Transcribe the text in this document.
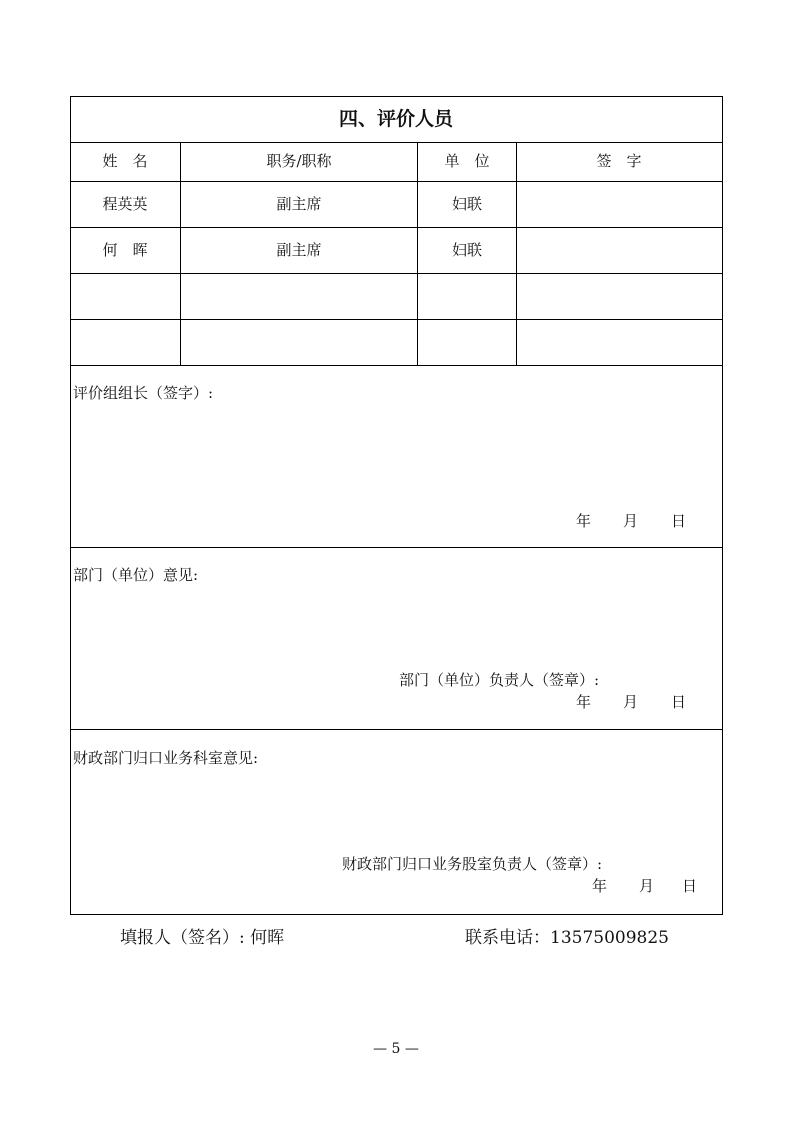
四、评价人员
姓　名	职务/职称	单　位	签　字
程英英	副主席	妇联
何　晖	副主席	妇联
评价组组长（签字）:
年 月 日
部门（单位）意见:
部门（单位）负责人（签章）:
年 月 日
财政部门归口业务科室意见:
财政部门归口业务股室负责人（签章）:
年 月 日
填报人（签名）: 何晖	联系电话：13575009825
— 5 —
